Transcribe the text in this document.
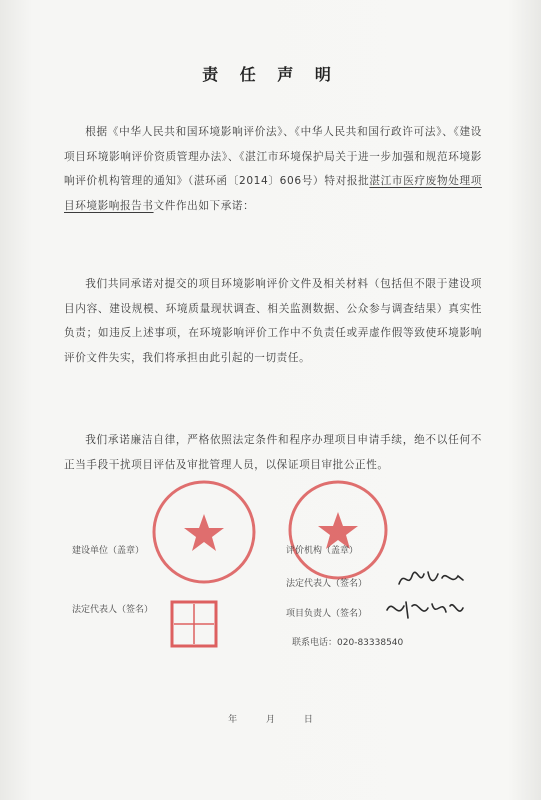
责 任 声 明
根据《中华人民共和国环境影响评价法》、《中华人民共和国行政许可法》、《建设项目环境影响评价资质管理办法》、《湛江市环境保护局关于进一步加强和规范环境影响评价机构管理的通知》（湛环函〔2014〕606号）特对报批湛江市医疗废物处理项目环境影响报告书文件作出如下承诺：
我们共同承诺对提交的项目环境影响评价文件及相关材料（包括但不限于建设项目内容、建设规模、环境质量现状调查、相关监测数据、公众参与调查结果）真实性负责；如违反上述事项，在环境影响评价工作中不负责任或弄虚作假等致使环境影响评价文件失实，我们将承担由此引起的一切责任。
我们承诺廉洁自律，严格依照法定条件和程序办理项目申请手续，绝不以任何不正当手段干扰项目评估及审批管理人员，以保证项目审批公正性。
建设单位（盖章）	评价机构（盖章）
法定代表人（签名）
法定代表人（签名）
项目负责人（签名）
联系电话：020-83338540
年 月 日
